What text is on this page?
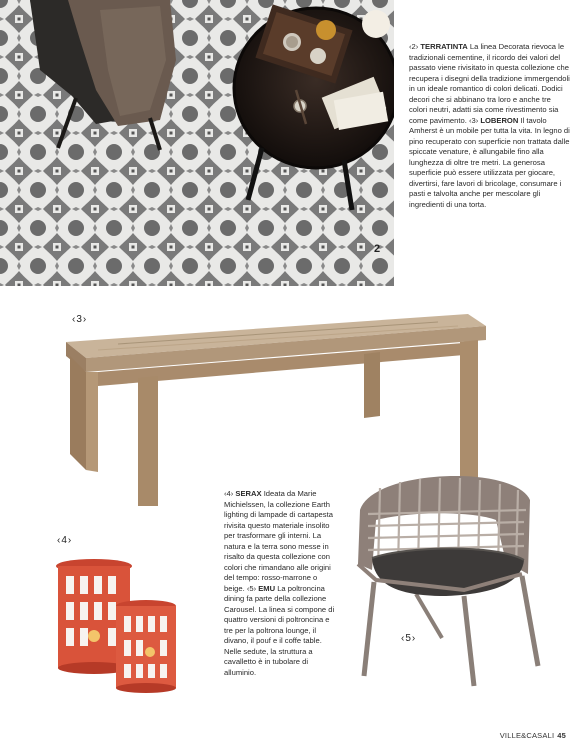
2
‹2› TERRATINTA La linea Decorata rievoca le tradizionali cementine, il ricordo dei valori del passato viene rivisitato in questa collezione che recupera i disegni della tradizione immergendoli in un ideale romantico di colori delicati. Dodici decori che si abbinano tra loro e anche tre colori neutri, adatti sia come rivestimento sia come pavimento. ‹3› LOBERON Il tavolo Amherst è un mobile per tutta la vita. In legno di pino recuperato con superficie non trattata dalle spiccate venature, è allungabile fino alla lunghezza di oltre tre metri. La generosa superficie può essere utilizzata per giocare, divertirsi, fare lavori di bricolage, consumare i pasti e talvolta anche per mescolare gli ingredienti di una torta.
‹3›
‹4›
‹4› SERAX Ideata da Marie Michielssen, la collezione Earth lighting di lampade di cartapesta rivisita questo materiale insolito per trasformare gli interni. La natura e la terra sono messe in risalto da questa collezione con colori che rimandano alle origini del tempo: rosso-marrone o beige. ‹5› EMU La poltroncina dining fa parte della collezione Carousel. La linea si compone di quattro versioni di poltroncina e tre per la poltrona lounge, il divano, il pouf e il coffe table. Nelle sedute, la struttura a cavalletto è in tubolare di alluminio.
‹5›
VILLE&CASALI 45
